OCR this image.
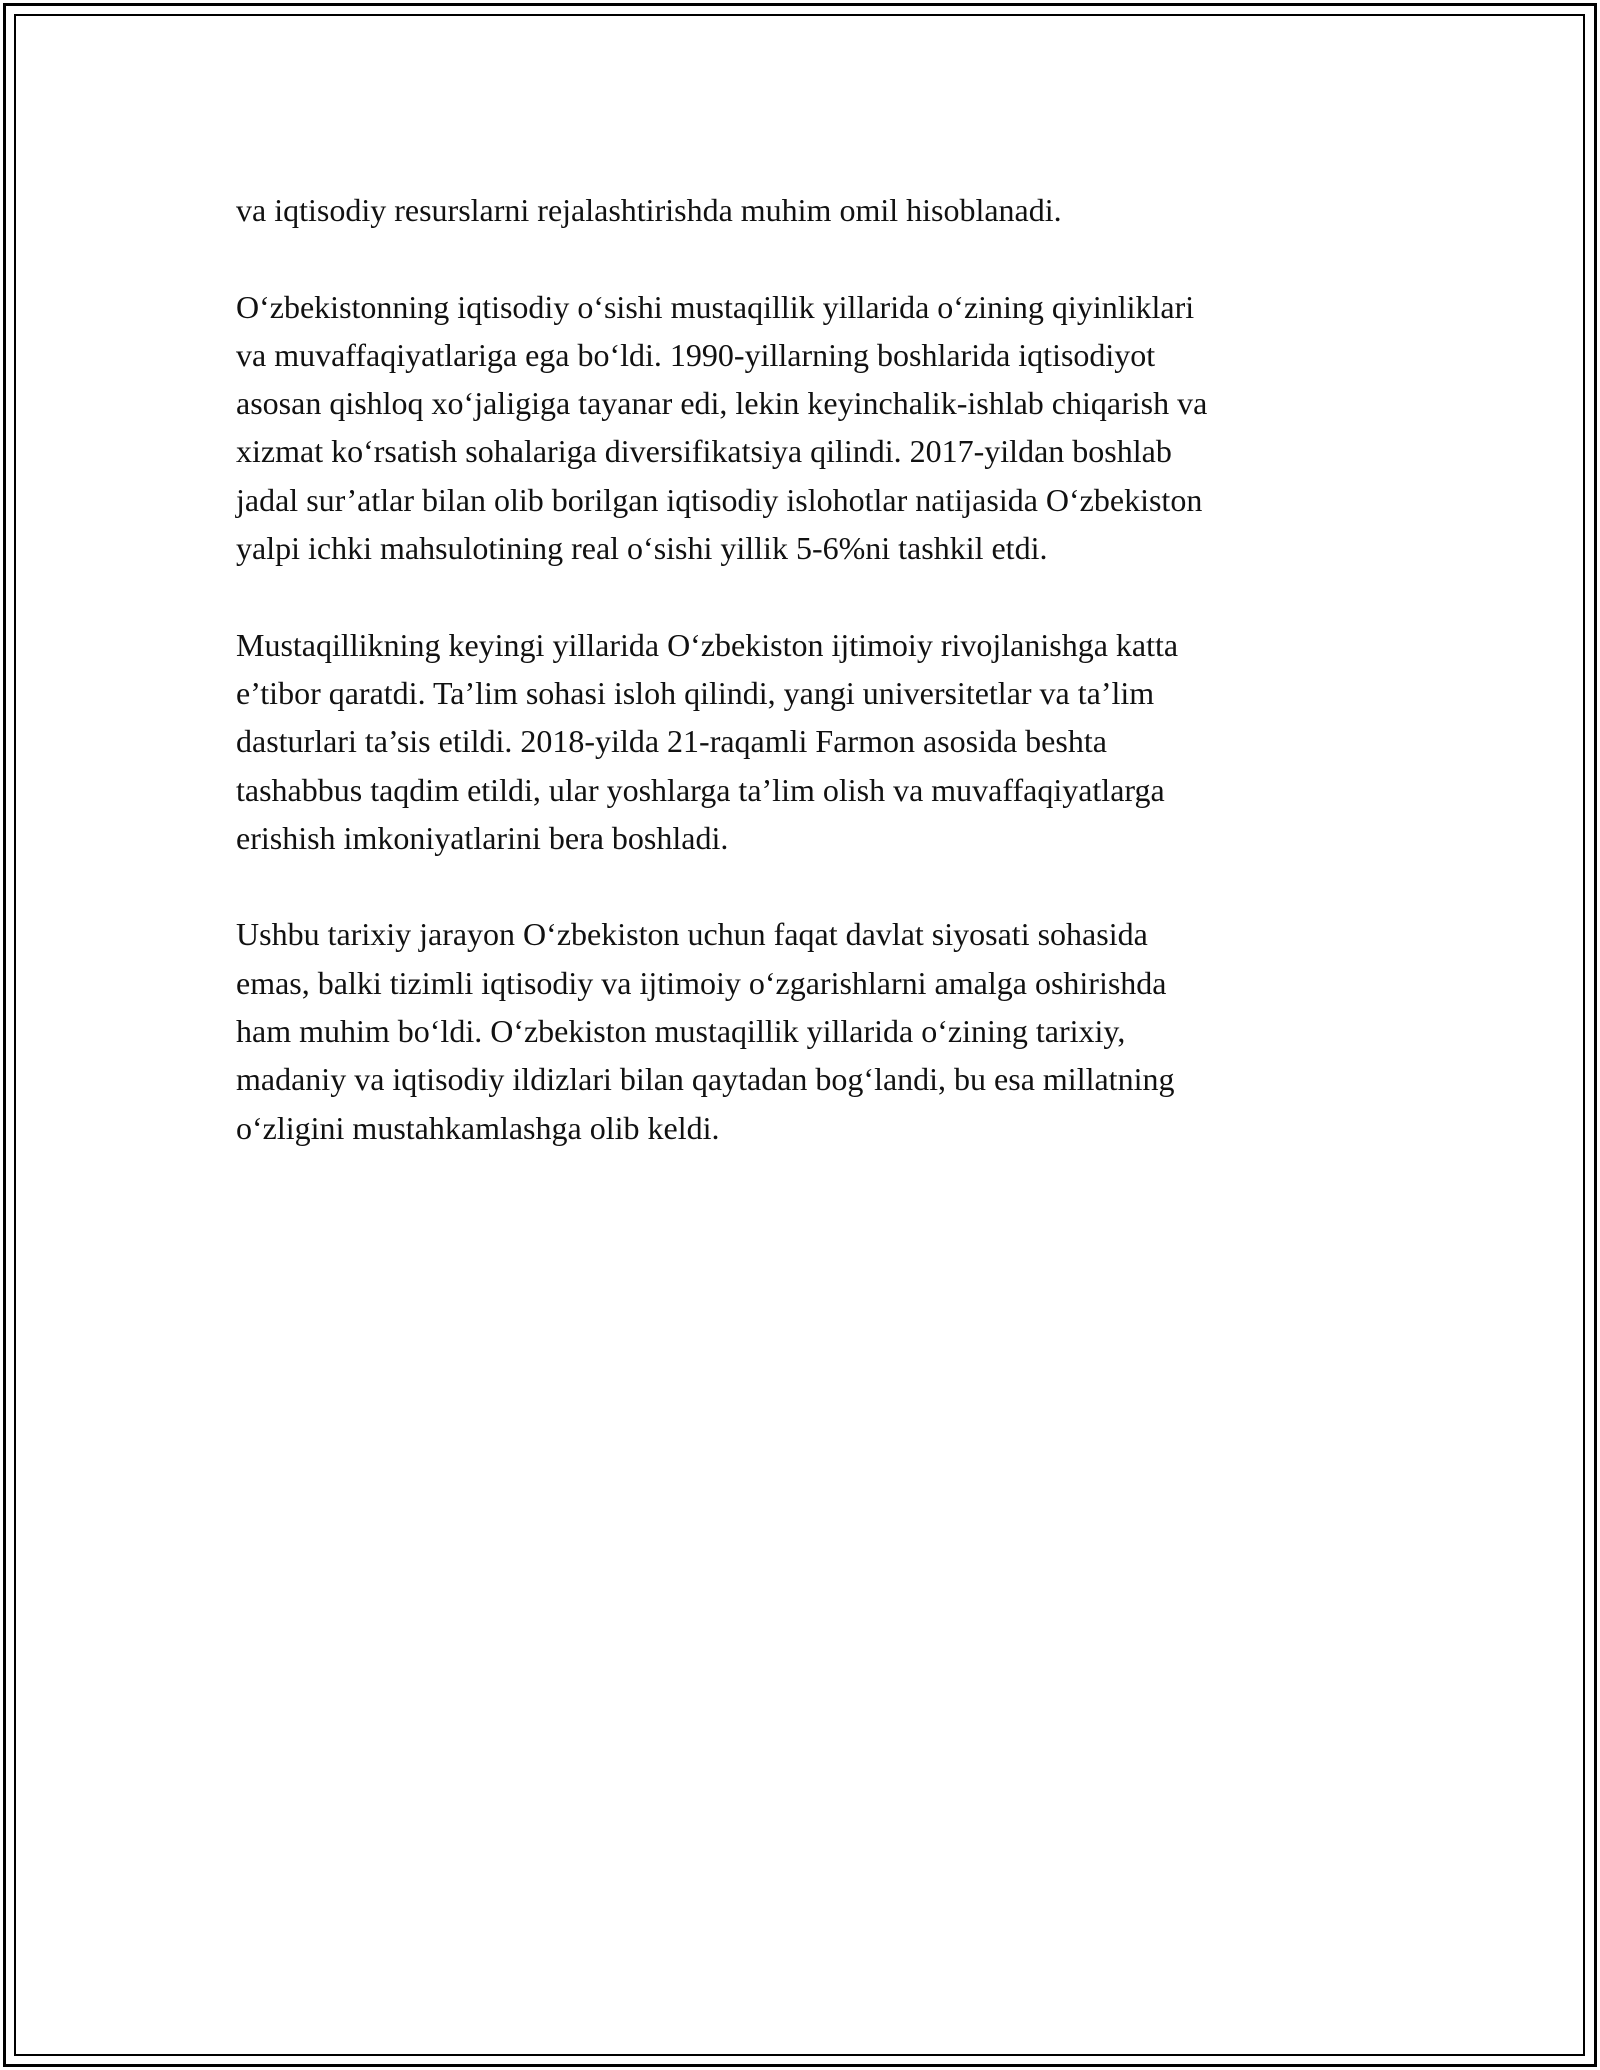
va iqtisodiy resurslarni rejalashtirishda muhim omil hisoblanadi.

O‘zbekistonning iqtisodiy o‘sishi mustaqillik yillarida o‘zining qiyinliklari
va muvaffaqiyatlariga ega bo‘ldi. 1990-yillarning boshlarida iqtisodiyot
asosan qishloq xo‘jaligiga tayanar edi, lekin keyinchalik-ishlab chiqarish va
xizmat ko‘rsatish sohalariga diversifikatsiya qilindi. 2017-yildan boshlab
jadal sur’atlar bilan olib borilgan iqtisodiy islohotlar natijasida O‘zbekiston
yalpi ichki mahsulotining real o‘sishi yillik 5-6%ni tashkil etdi.

Mustaqillikning keyingi yillarida O‘zbekiston ijtimoiy rivojlanishga katta
e’tibor qaratdi. Ta’lim sohasi isloh qilindi, yangi universitetlar va ta’lim
dasturlari ta’sis etildi. 2018-yilda 21-raqamli Farmon asosida beshta
tashabbus taqdim etildi, ular yoshlarga ta’lim olish va muvaffaqiyatlarga
erishish imkoniyatlarini bera boshladi.

Ushbu tarixiy jarayon O‘zbekiston uchun faqat davlat siyosati sohasida
emas, balki tizimli iqtisodiy va ijtimoiy o‘zgarishlarni amalga oshirishda
ham muhim bo‘ldi. O‘zbekiston mustaqillik yillarida o‘zining tarixiy,
madaniy va iqtisodiy ildizlari bilan qaytadan bog‘landi, bu esa millatning
o‘zligini mustahkamlashga olib keldi.
